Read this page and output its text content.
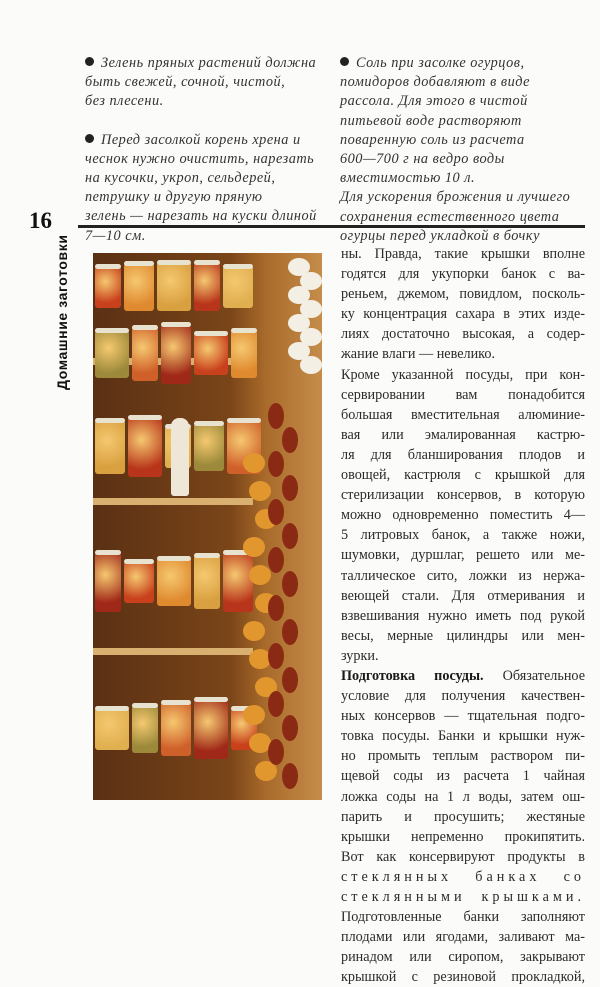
Зелень пряных растений должна
быть свежей, сочной, чистой,
без плесени.
Перед засолкой корень хрена и
чеснок нужно очистить, нарезать
на кусочки, укроп, сельдерей,
петрушку и другую пряную
зелень — нарезать на куски длиной
7—10 см.
Соль при засолке огурцов,
помидоров добавляют в виде
рассола. Для этого в чистой
питьевой воде растворяют
поваренную соль из расчета
600—700 г на ведро воды
вместимостью 10 л.
Для ускорения брожения и лучшего
сохранения естественного цвета
огурцы перед укладкой в бочку
16
Домашние заготовки	ны. Правда, такие крышки вполне
годятся для укупорки банок с ва-
реньем, джемом, повидлом, посколь-
ку концентрация сахара в этих изде-
лиях достаточно высокая, а содер-
жание влаги — невелико.
Кроме указанной посуды, при кон-
сервировании вам понадобится
большая вместительная алюминие-
вая или эмалированная кастрю-
ля для бланширования плодов и
овощей, кастрюля с крышкой для
стерилизации консервов, в которую
можно одновременно поместить 4—
5 литровых банок, а также ножи,
шумовки, дуршлаг, решето или ме-
таллическое сито, ложки из нержа-
веющей стали. Для отмеривания и
взвешивания нужно иметь под рукой
весы, мерные цилиндры или мен-
зурки.
Подготовка посуды. Обязательное
условие для получения качествен-
ных консервов — тщательная подго-
товка посуды. Банки и крышки нуж-
но промыть теплым раствором пи-
щевой соды из расчета 1 чайная
ложка соды на 1 л воды, затем ош-
парить и просушить; жестяные
крышки непременно прокипятить.
Вот как консервируют продукты в
стеклянных банках со
стеклянными крышками.
Подготовленные банки заполняют
плодами или ягодами, заливают ма-
ринадом или сиропом, закрывают
крышкой с резиновой прокладкой,
